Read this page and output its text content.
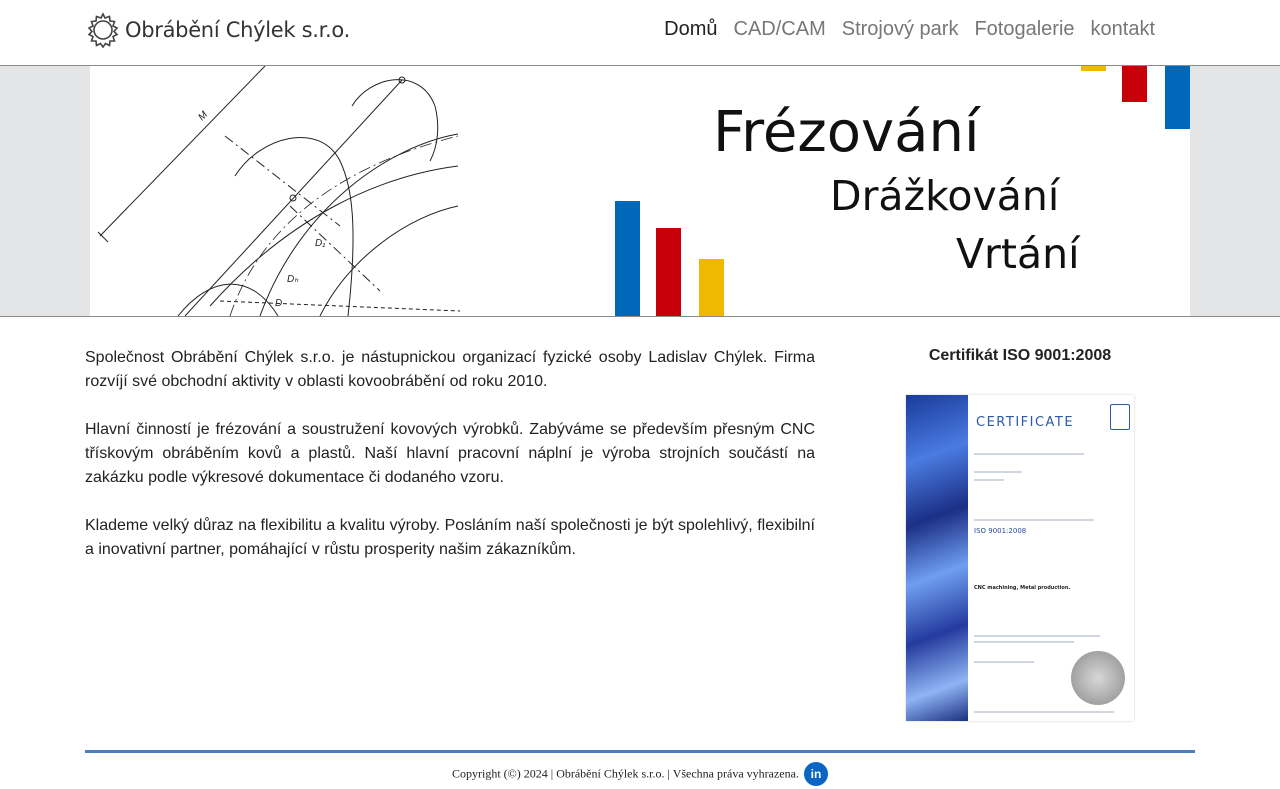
Obrábění Chýlek s.r.o.	Domů CAD/CAM Strojový park Fotogalerie kontakt
M
D₁
Dₕ
D
Frézování
Drážkování
Vrtání

Společnost Obrábění Chýlek s.r.o. je nástupnickou organizací fyzické osoby Ladislav Chýlek. Firma rozvíjí své obchodní aktivity v oblasti kovoobrábění od roku 2010.

Hlavní činností je frézování a soustružení kovových výrobků. Zabýváme se především přesným CNC třískovým obráběním kovů a plastů. Naší hlavní pracovní náplní je výroba strojních součástí na zakázku podle výkresové dokumentace či dodaného vzoru.

Klademe velký důraz na flexibilitu a kvalitu výroby. Posláním naší společnosti je být spolehlivý, flexibilní a inovativní partner, pomáhající v růstu prosperity našim zákazníkům.

Certifikát ISO 9001:2008
CERTIFICATE
ISO 9001:2008
CNC machining, Metal production.
Copyright (©) 2024 | Obrábění Chýlek s.r.o. | Všechna práva vyhrazena. in
